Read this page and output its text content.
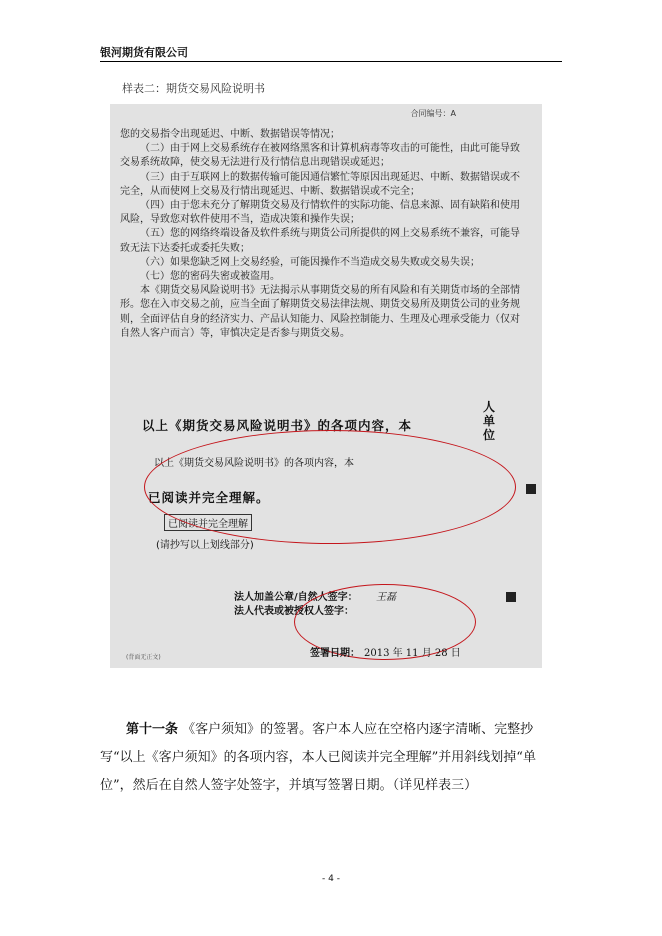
银河期货有限公司
样表二：期货交易风险说明书
合同编号：A

您的交易指令出现延迟、中断、数据错误等情况；

（二）由于网上交易系统存在被网络黑客和计算机病毒等攻击的可能性，由此可能导致交易系统故障，使交易无法进行及行情信息出现错误或延迟；

（三）由于互联网上的数据传输可能因通信繁忙等原因出现延迟、中断、数据错误或不完全，从而使网上交易及行情出现延迟、中断、数据错误或不完全；

（四）由于您未充分了解期货交易及行情软件的实际功能、信息来源、固有缺陷和使用风险，导致您对软件使用不当，造成决策和操作失误；

（五）您的网络终端设备及软件系统与期货公司所提供的网上交易系统不兼容，可能导致无法下达委托或委托失败；

（六）如果您缺乏网上交易经验，可能因操作不当造成交易失败或交易失误；

（七）您的密码失密或被盗用。

本《期货交易风险说明书》无法揭示从事期货交易的所有风险和有关期货市场的全部情形。您在入市交易之前，应当全面了解期货交易法律法规、期货交易所及期货公司的业务规则，全面评估自身的经济实力、产品认知能力、风险控制能力、生理及心理承受能力（仅对自然人客户而言）等，审慎决定是否参与期货交易。

以上《期货交易风险说明书》的各项内容，本
人单位
以上《期货交易风险说明书》的各项内容，本
已阅读并完全理解。
已阅读并完全理解
(请抄写以上划线部分)
法人加盖公章/自然人签字：
法人代表或被授权人签字：
王磊
签署日期： 2013 年 11 月 28 日
(背面无正文)

第十一条 《客户须知》的签署。客户本人应在空格内逐字清晰、完整抄写“以上《客户须知》的各项内容，本人已阅读并完全理解”并用斜线划掉“单位”，然后在自然人签字处签字，并填写签署日期。（详见样表三）

- 4 -
